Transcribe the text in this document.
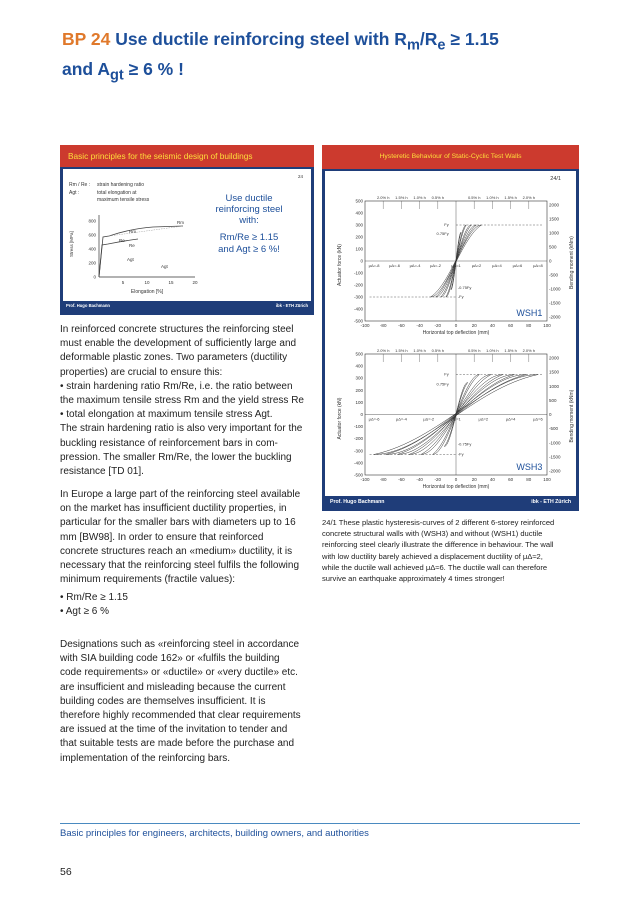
BP 24 Use ductile reinforcing steel with $R_m/R_e \ge 1.15$
and $A_{gt} \ge 6$ % !
Basic principles for the seismic design of buildings
24
Rm / Re : strain hardening ratio
Agt :	total elongation at
maximum tensile stress	Use ductile
reinforcing steel
with:
Rm/Re ≥ 1.15
and Agt ≥ 6 %!
Stress [MPa]
Elongation [%]
800
600
400
200
0
5	10	15	20
Rm
Rm
Re
Re
Agt
Agt
Prof. Hugo Bachmann	ibk - ETH Zürich
Hysteretic Behaviour of Static-Cyclic Test Walls
24/1
2.0% h 1.5% h 1.0% h 0.5% h	0.5% h 1.0% h 1.5% h 2.0% h
Fy
0.75Fy
-0.75Fy
-Fy
μΔ=-8 μΔ=-6 μΔ=-4 μΔ=-2	μΔ=1	μΔ=2	μΔ=4	μΔ=6	μΔ=8
WSH1
500
400
300
200
100
0
-100
-200
-300
-400
-500
2000
1500
1000
500
0
-500
-1000
-1500
-2000
-100 -80	-60	-40	-20	0	20	40	60	80	100
Horizontal top deflection (mm)
Actuator force (kN)	Bending moment (kNm)
2.0% h 1.5% h 1.0% h 0.5% h	0.5% h 1.0% h 1.5% h 2.0% h
Fy
0.75Fy
-0.75Fy
-Fy
μΔ=-6	μΔ=-4	μΔ=-2	μΔ=1	μΔ=2	μΔ=4	μΔ=6
WSH3
500
400
300
200
100
0
-100
-200
-300
-400
-500
2000
1500
1000
500
0
-500
-1000
-1500
-2000
-100 -80	-60	-40	-20	0	20	40	60	80	100
Horizontal top deflection (mm)
Actuator force (kN)	Bending moment (kNm)
Prof. Hugo Bachmann	ibk - ETH Zürich
24/1 These plastic hysteresis-curves of 2 different 6-storey reinforced
concrete structural walls with (WSH3) and without (WSH1) ductile
reinforcing steel clearly illustrate the difference in behaviour. The wall
with low ductility barely achieved a displacement ductility of μΔ≈2,
while the ductile wall achieved μΔ≈6. The ductile wall can therefore
survive an earthquake approximately 4 times stronger!

In reinforced concrete structures the reinforcing steel

must enable the development of sufficiently large and

deformable plastic zones. Two parameters (ductility

properties) are crucial to ensure this:

• strain hardening ratio Rm/Re, i.e. the ratio between

the maximum tensile stress Rm and the yield stress Re

• total elongation at maximum tensile stress Agt.

The strain hardening ratio is also very important for the

buckling resistance of reinforcement bars in com-

pression. The smaller Rm/Re, the lower the buckling

resistance [TD 01].

In Europe a large part of the reinforcing steel available

on the market has insufficient ductility properties, in

particular for the smaller bars with diameters up to 16

mm [BW98]. In order to ensure that reinforced

concrete structures reach an «medium» ductility, it is

necessary that the reinforcing steel fulfils the following

minimum requirements (fractile values):

• Rm/Re ≥ 1.15

• Agt ≥ 6 %

Designations such as «reinforcing steel in accordance

with SIA building code 162» or «fulfils the building

code requirements» or «ductile» or «very ductile» etc.

are insufficient and misleading because the current

building codes are themselves insufficient. It is

therefore highly recommended that clear requirements

are issued at the time of the invitation to tender and

that suitable tests are made before the purchase and

implementation of the reinforcing bars.

Basic principles for engineers, architects, building owners, and authorities
56
